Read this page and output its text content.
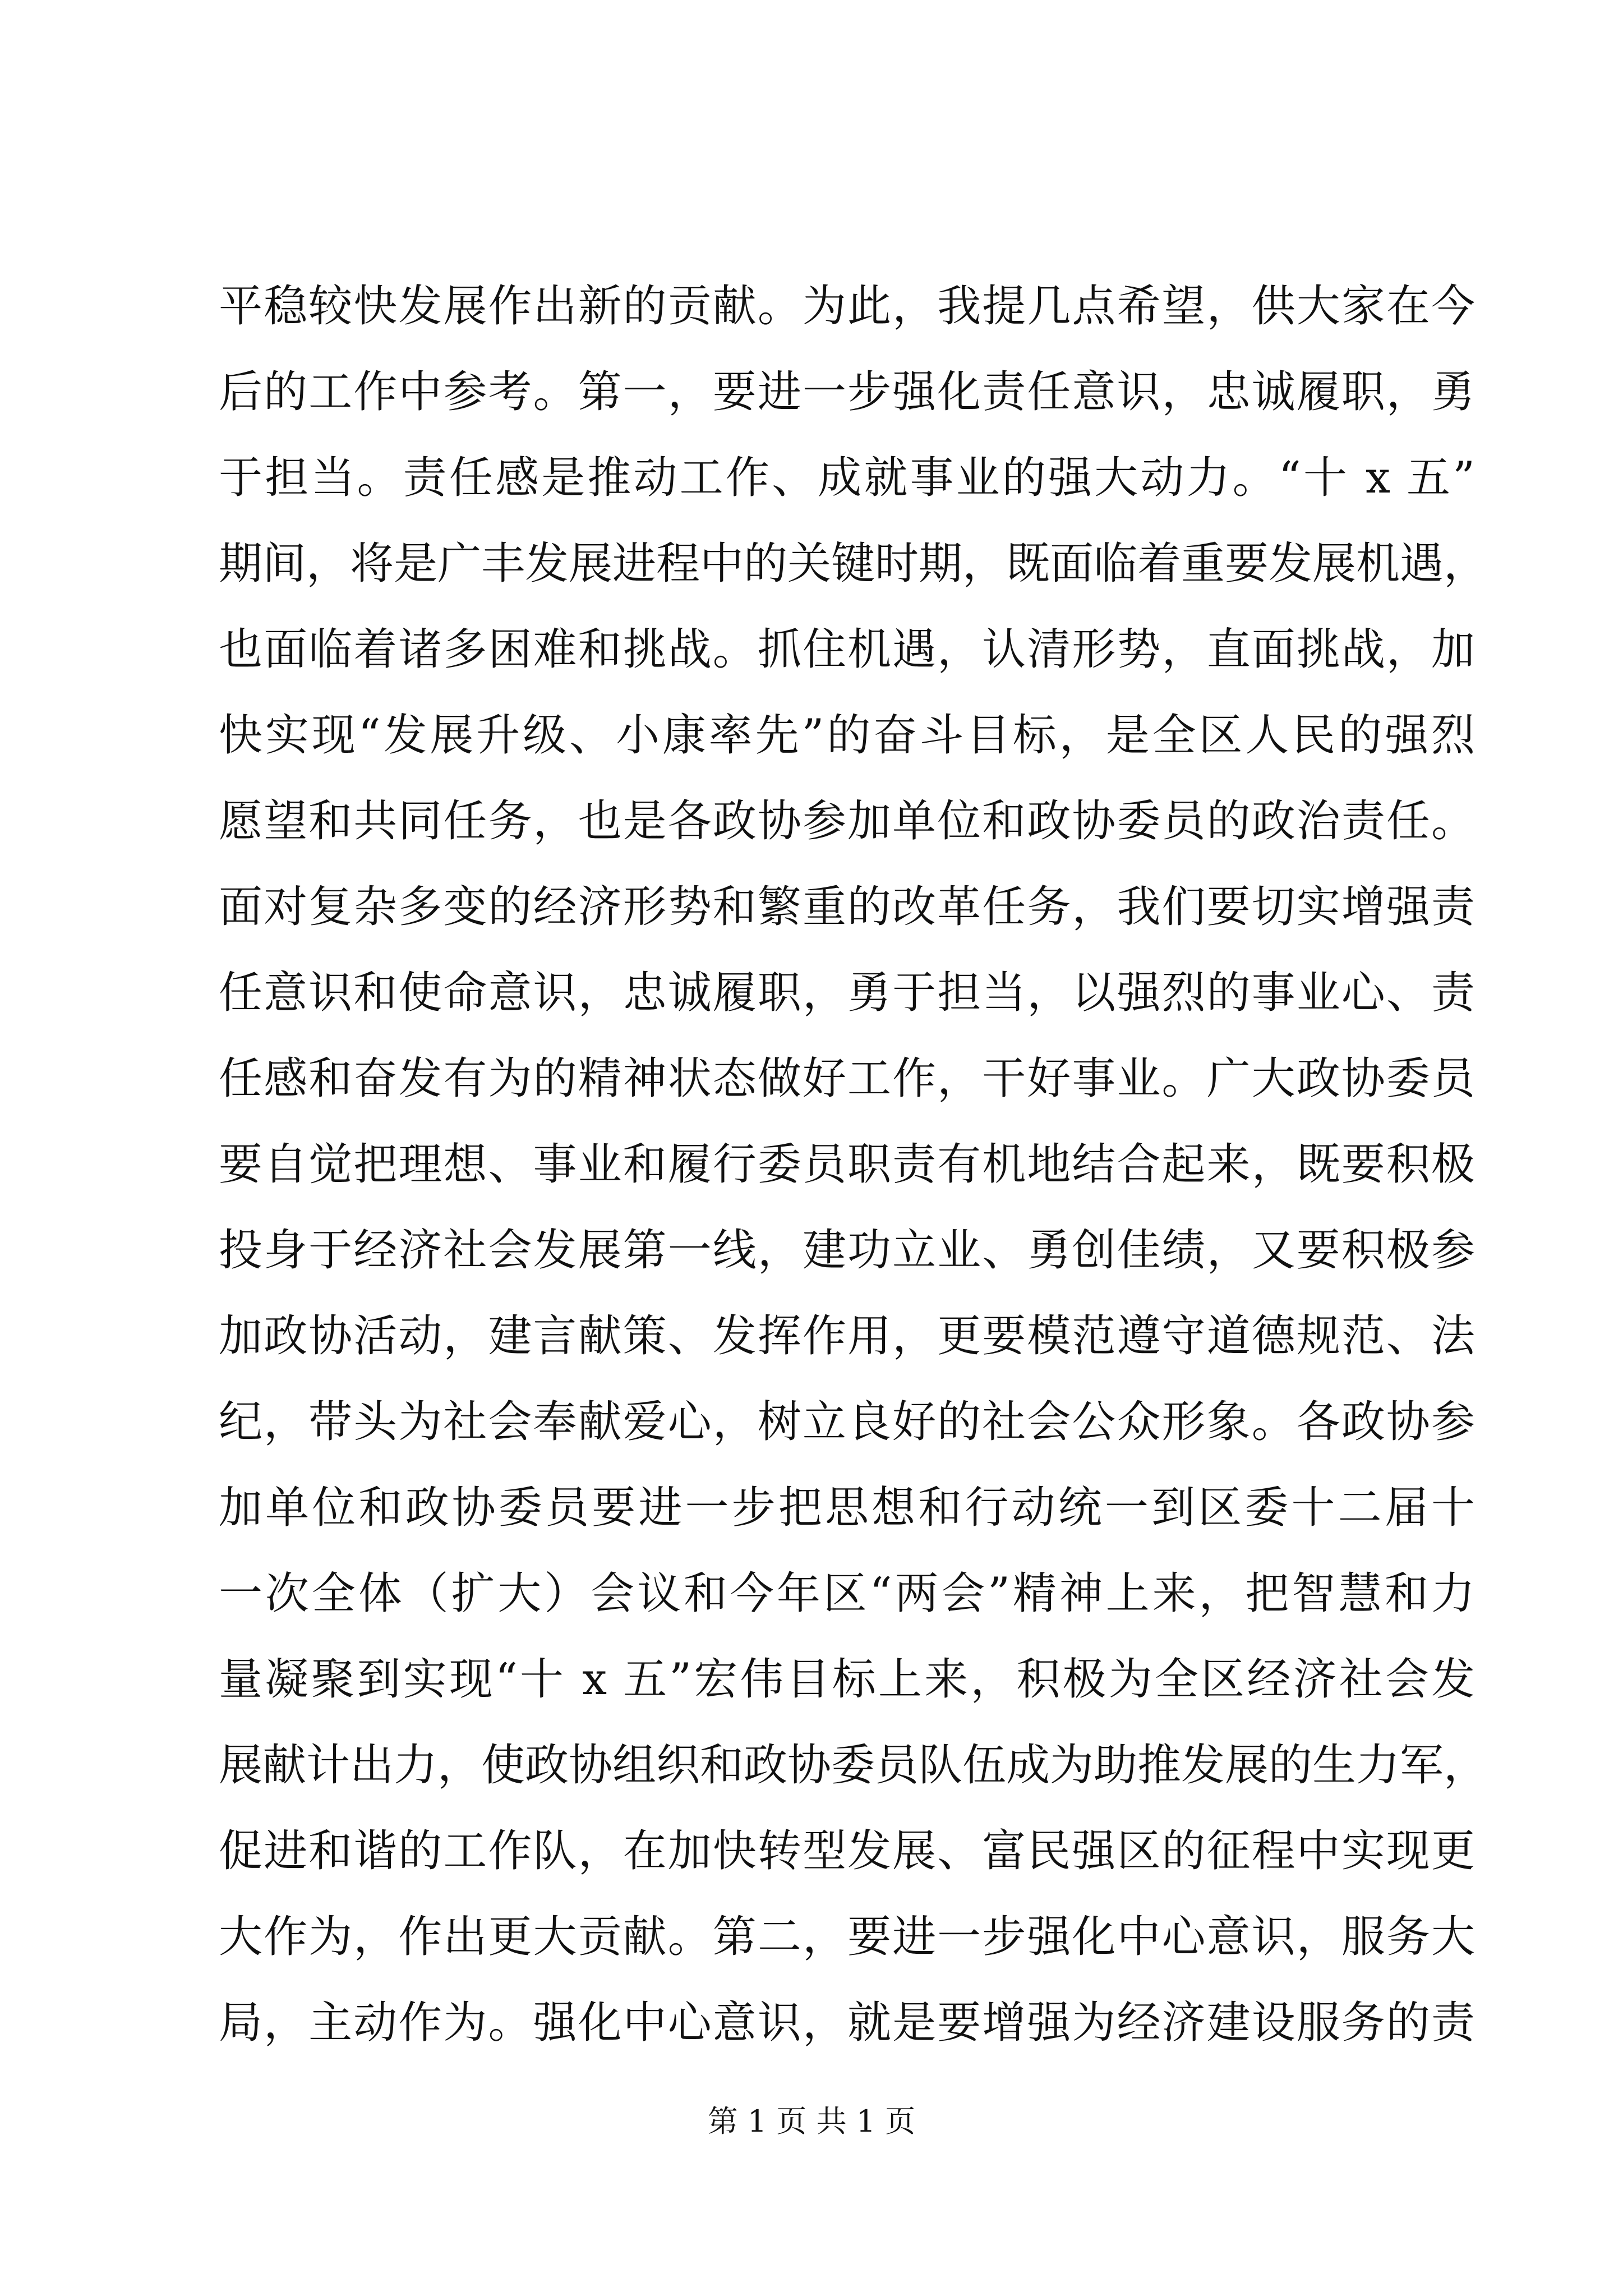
平稳较快发展作出新的贡献。为此，我提几点希望，供大家在今
后的工作中参考。第一，要进一步强化责任意识，忠诚履职，勇
于担当。责任感是推动工作、成就事业的强大动力。“十 x 五”
期间，将是广丰发展进程中的关键时期，既面临着重要发展机遇，
也面临着诸多困难和挑战。抓住机遇，认清形势，直面挑战，加
快实现“发展升级、小康率先”的奋斗目标，是全区人民的强烈
愿望和共同任务，也是各政协参加单位和政协委员的政治责任。
面对复杂多变的经济形势和繁重的改革任务，我们要切实增强责
任意识和使命意识，忠诚履职，勇于担当，以强烈的事业心、责
任感和奋发有为的精神状态做好工作，干好事业。广大政协委员
要自觉把理想、事业和履行委员职责有机地结合起来，既要积极
投身于经济社会发展第一线，建功立业、勇创佳绩，又要积极参
加政协活动，建言献策、发挥作用，更要模范遵守道德规范、法
纪，带头为社会奉献爱心，树立良好的社会公众形象。各政协参
加单位和政协委员要进一步把思想和行动统一到区委十二届十
一次全体（扩大）会议和今年区“两会”精神上来，把智慧和力
量凝聚到实现“十 x 五”宏伟目标上来，积极为全区经济社会发
展献计出力，使政协组织和政协委员队伍成为助推发展的生力军，
促进和谐的工作队，在加快转型发展、富民强区的征程中实现更
大作为，作出更大贡献。第二，要进一步强化中心意识，服务大
局，主动作为。强化中心意识，就是要增强为经济建设服务的责
第 1 页 共 1 页
